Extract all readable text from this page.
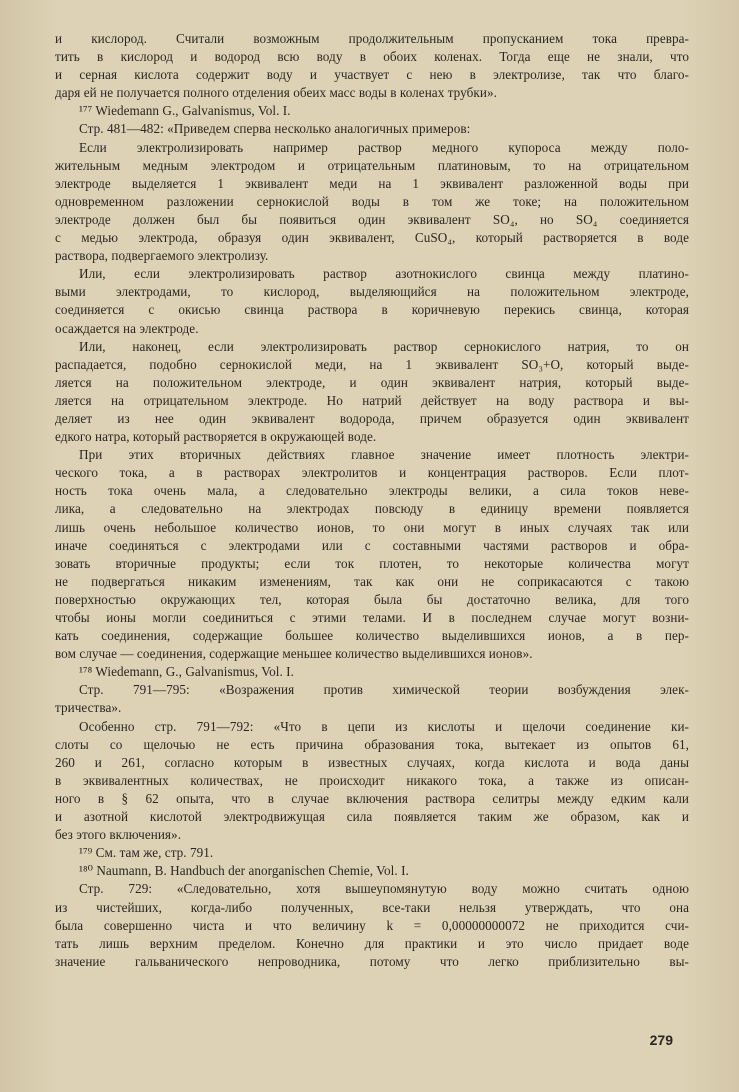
и кислород. Считали возможным продолжительным пропусканием тока превра-
тить в кислород и водород всю воду в обоих коленах. Тогда еще не знали, что
и серная кислота содержит воду и участвует с нею в электролизе, так что благо-
даря ей не получается полного отделения обеих масс воды в коленах трубки».
¹⁷⁷ Wiedemann G., Galvanismus, Vol. I.
Стр. 481—482: «Приведем сперва несколько аналогичных примеров:
Если электролизировать например раствор медного купороса между поло-
жительным медным электродом и отрицательным платиновым, то на отрицательном
электроде выделяется 1 эквивалент меди на 1 эквивалент разложенной воды при
одновременном разложении сернокислой воды в том же токе; на положительном
электроде должен был бы появиться один эквивалент SO₄, но SO₄ соединяется
с медью электрода, образуя один эквивалент, CuSO₄, который растворяется в воде
раствора, подвергаемого электролизу.
Или, если электролизировать раствор азотнокислого свинца между платино-
выми электродами, то кислород, выделяющийся на положительном электроде,
соединяется с окисью свинца раствора в коричневую перекись свинца, которая
осаждается на электроде.
Или, наконец, если электролизировать раствор сернокислого натрия, то он
распадается, подобно сернокислой меди, на 1 эквивалент SO₃+O, который выде-
ляется на положительном электроде, и один эквивалент натрия, который выде-
ляется на отрицательном электроде. Но натрий действует на воду раствора и вы-
деляет из нее один эквивалент водорода, причем образуется один эквивалент
едкого натра, который растворяется в окружающей воде.
При этих вторичных действиях главное значение имеет плотность электри-
ческого тока, а в растворах электролитов и концентрация растворов. Если плот-
ность тока очень мала, а следовательно электроды велики, а сила токов неве-
лика, а следовательно на электродах повсюду в единицу времени появляется
лишь очень небольшое количество ионов, то они могут в иных случаях так или
иначе соединяться с электродами или с составными частями растворов и обра-
зовать вторичные продукты; если ток плотен, то некоторые количества могут
не подвергаться никаким изменениям, так как они не соприкасаются с такою
поверхностью окружающих тел, которая была бы достаточно велика, для того
чтобы ионы могли соединиться с этими телами. И в последнем случае могут возни-
кать соединения, содержащие большее количество выделившихся ионов, а в пер-
вом случае — соединения, содержащие меньшее количество выделившихся ионов».
¹⁷⁸ Wiedemann, G., Galvanismus, Vol. I.
Стр. 791—795: «Возражения против химической теории возбуждения элек-
тричества».
Особенно стр. 791—792: «Что в цепи из кислоты и щелочи соединение ки-
слоты со щелочью не есть причина образования тока, вытекает из опытов 61,
260 и 261, согласно которым в известных случаях, когда кислота и вода даны
в эквивалентных количествах, не происходит никакого тока, а также из описан-
ного в § 62 опыта, что в случае включения раствора селитры между едким кали
и азотной кислотой электродвижущая сила появляется таким же образом, как и
без этого включения».
¹⁷⁹ См. там же, стр. 791.
¹⁸⁰ Naumann, B. Handbuch der anorganischen Chemie, Vol. I.
Стр. 729: «Следовательно, хотя вышеупомянутую воду можно считать одною
из чистейших, когда-либо полученных, все-таки нельзя утверждать, что она
была совершенно чиста и что величину k = 0,00000000072 не приходится счи-
тать лишь верхним пределом. Конечно для практики и это число придает воде
значение гальванического непроводника, потому что легко приблизительно вы-
279
